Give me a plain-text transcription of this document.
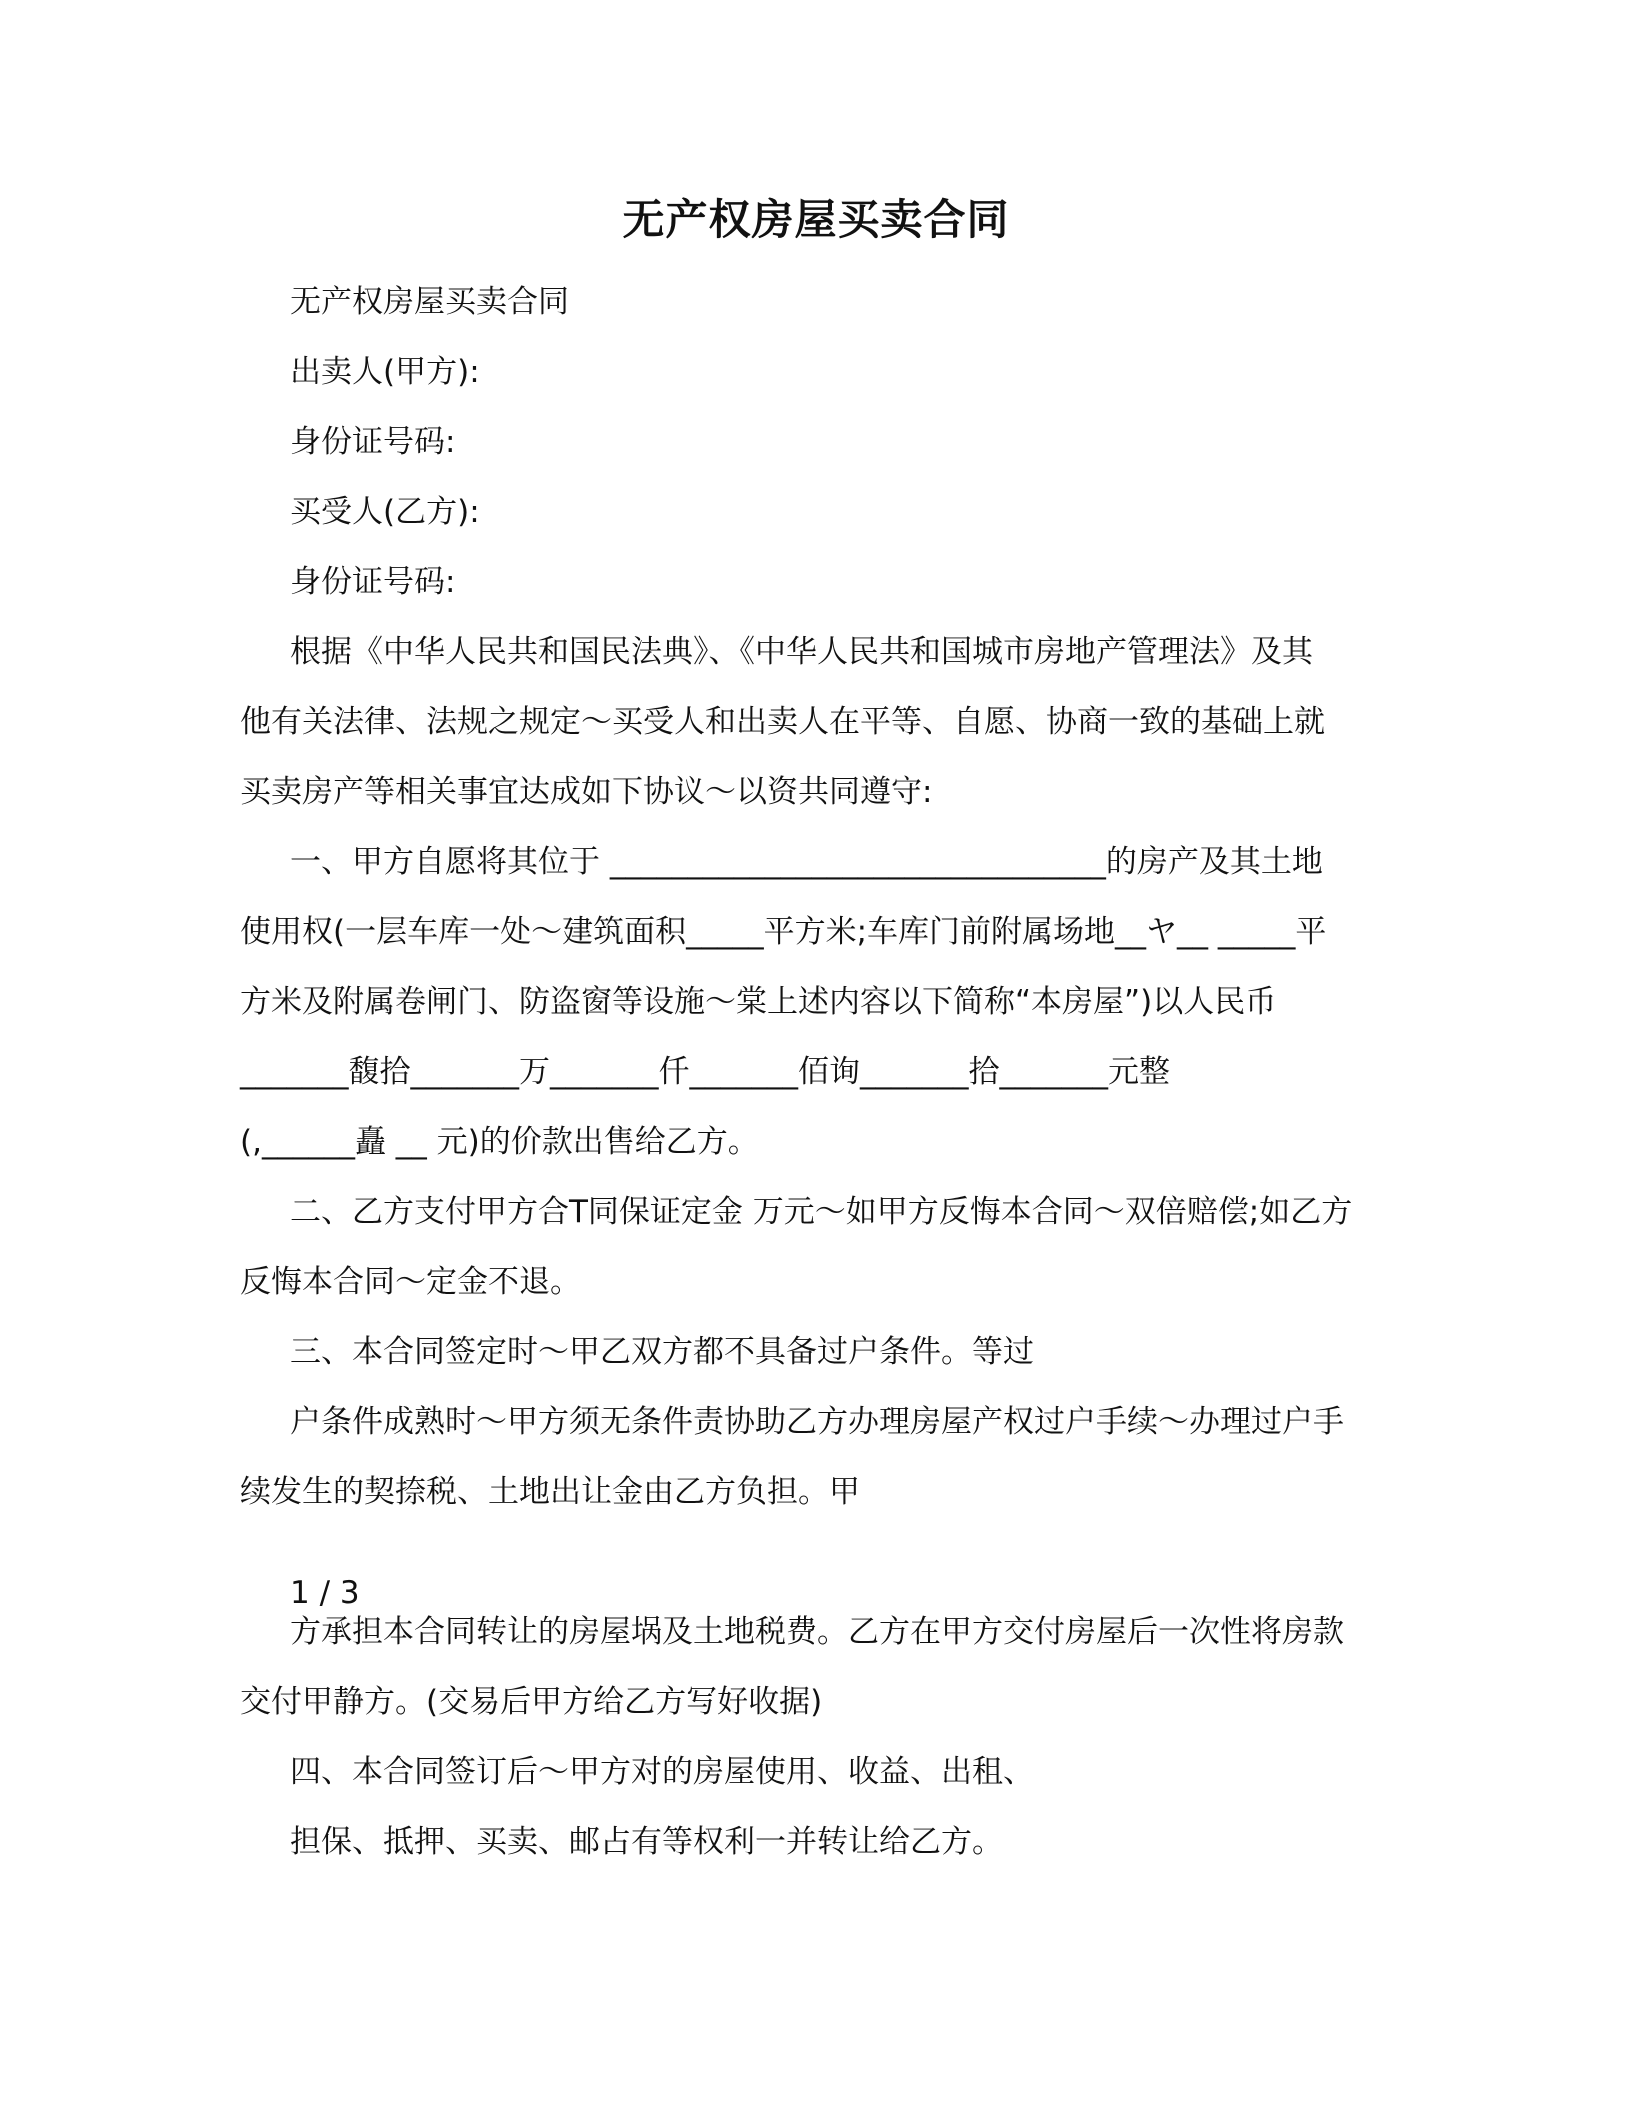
无产权房屋买卖合同

无产权房屋买卖合同

出卖人(甲方):

身份证号码:

买受人(乙方):

身份证号码:

根据《中华人民共和国民法典》、《中华人民共和国城市房地产管理法》及其

他有关法律、法规之规定～买受人和出卖人在平等、自愿、协商一致的基础上就

买卖房产等相关事宜达成如下协议～以资共同遵守:

一、甲方自愿将其位于 ________________________________的房产及其土地

使用权(一层车库一处～建筑面积_____平方米;车库门前附属场地__ヤ__ _____平

方米及附属卷闸门、防盗窗等设施～棠上述内容以下简称“本房屋”)以人民币

_______馥拾_______万_______仟_______佰询_______拾_______元整

(,______矗 __ 元)的价款出售给乙方。

二、乙方支付甲方合T同保证定金 万元～如甲方反悔本合同～双倍赔偿;如乙方

反悔本合同～定金不退。

三、本合同签定时～甲乙双方都不具备过户条件。等过

户条件成熟时～甲方须无条件责协助乙方办理房屋产权过户手续～办理过户手

续发生的契捺税、土地出让金由乙方负担。甲

1 / 3

方承担本合同转让的房屋埚及土地税费。乙方在甲方交付房屋后一次性将房款

交付甲静方。(交易后甲方给乙方写好收据)

四、本合同签订后～甲方对的房屋使用、收益、出租、

担保、抵押、买卖、邮占有等权利一并转让给乙方。
